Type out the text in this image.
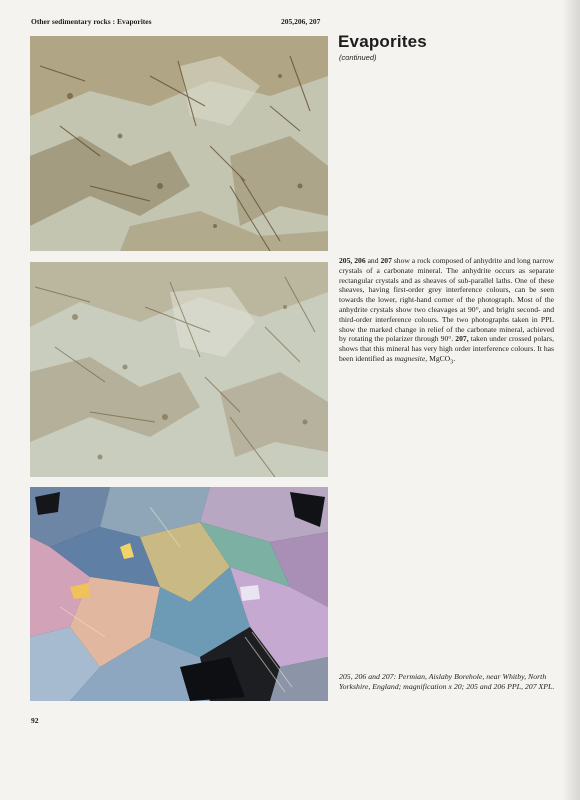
Other sedimentary rocks : Evaporites	205,206, 207
Evaporites
(continued)

205, 206 and 207 show a rock composed of anhydrite and long narrow crystals of a carbonate mineral. The anhydrite occurs as separate rectangular crystals and as sheaves of sub-parallel laths. One of these sheaves, having first-order grey interference colours, can be seen towards the lower, right-hand corner of the photograph. Most of the anhydrite crystals show two cleavages at 90°, and bright second- and third-order interference colours. The two photographs taken in PPL show the marked change in relief of the carbonate mineral, achieved by rotating the polarizer through 90°. 207, taken under crossed polars, shows that this mineral has very high order interference colours. It has been identified as magnesite, MgCO$_3$.

205, 206 and 207: Permian, Aislaby Borehole, near Whitby, North Yorkshire, England; magnification x 20; 205 and 206 PPL, 207 XPL.

92
